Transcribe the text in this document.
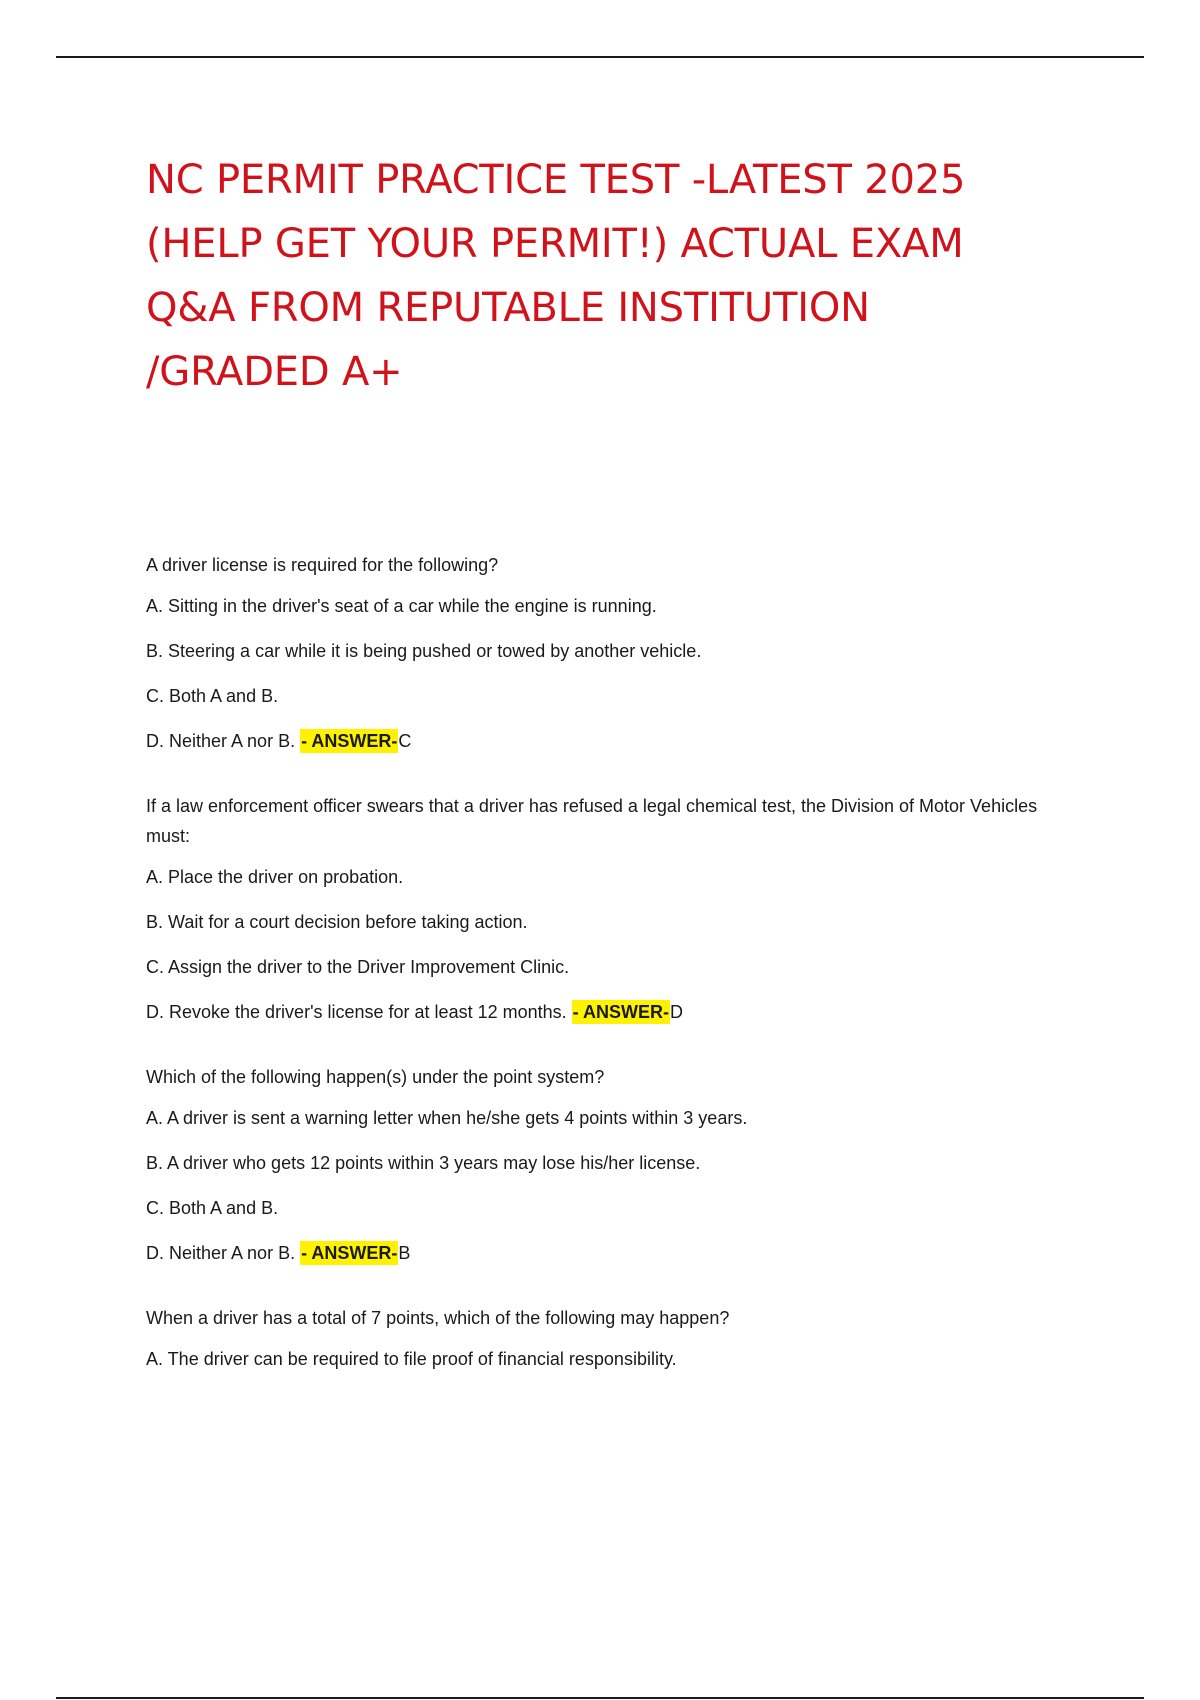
NC PERMIT PRACTICE TEST -LATEST 2025
(HELP GET YOUR PERMIT!) ACTUAL EXAM
Q&A FROM REPUTABLE INSTITUTION
/GRADED A+

A driver license is required for the following?

A. Sitting in the driver's seat of a car while the engine is running.
B. Steering a car while it is being pushed or towed by another vehicle.
C. Both A and B.
D. Neither A nor B. - ANSWER-C

If a law enforcement officer swears that a driver has refused a legal chemical test, the Division of Motor Vehicles must:

A. Place the driver on probation.
B. Wait for a court decision before taking action.
C. Assign the driver to the Driver Improvement Clinic.
D. Revoke the driver's license for at least 12 months. - ANSWER-D

Which of the following happen(s) under the point system?

A. A driver is sent a warning letter when he/she gets 4 points within 3 years.
B. A driver who gets 12 points within 3 years may lose his/her license.
C. Both A and B.
D. Neither A nor B. - ANSWER-B

When a driver has a total of 7 points, which of the following may happen?

A. The driver can be required to file proof of financial responsibility.
